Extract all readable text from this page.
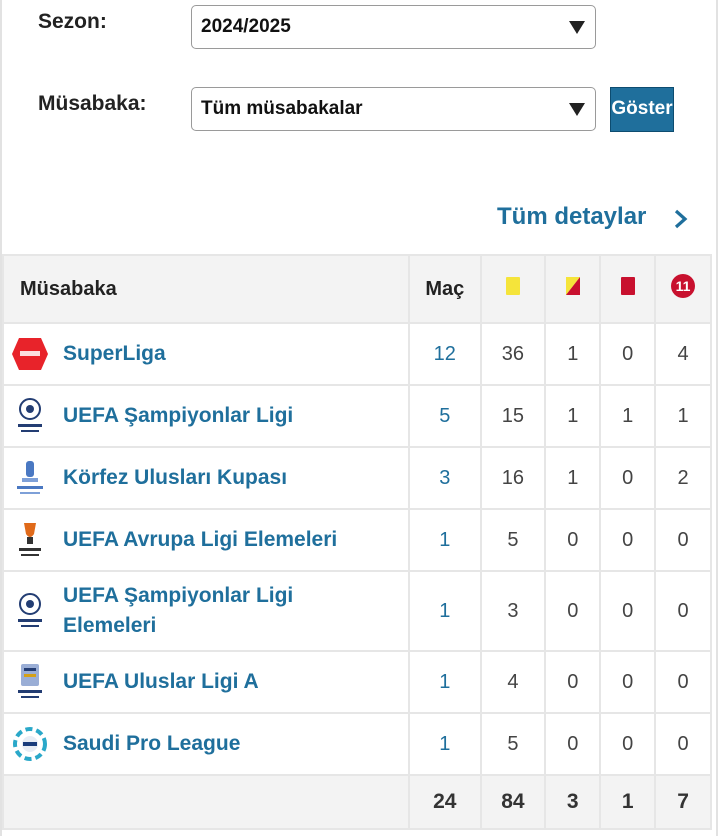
Sezon:	2024/2025
Müsabaka:	Tüm müsabakalar	Göster
Tüm detaylar
Müsabaka	Maç				11

SuperLiga	12	36	1	0	4

UEFA Şampiyonlar Ligi	5	15	1	1	1

Körfez Ulusları Kupası	3	16	1	0	2

UEFA Avrupa Ligi Elemeleri	1	5	0	0	0

UEFA Şampiyonlar Ligi Elemeleri	1	3	0	0	0

UEFA Uluslar Ligi A	1	4	0	0	0

Saudi Pro League	1	5	0	0	0
	24	84	3	1	7
